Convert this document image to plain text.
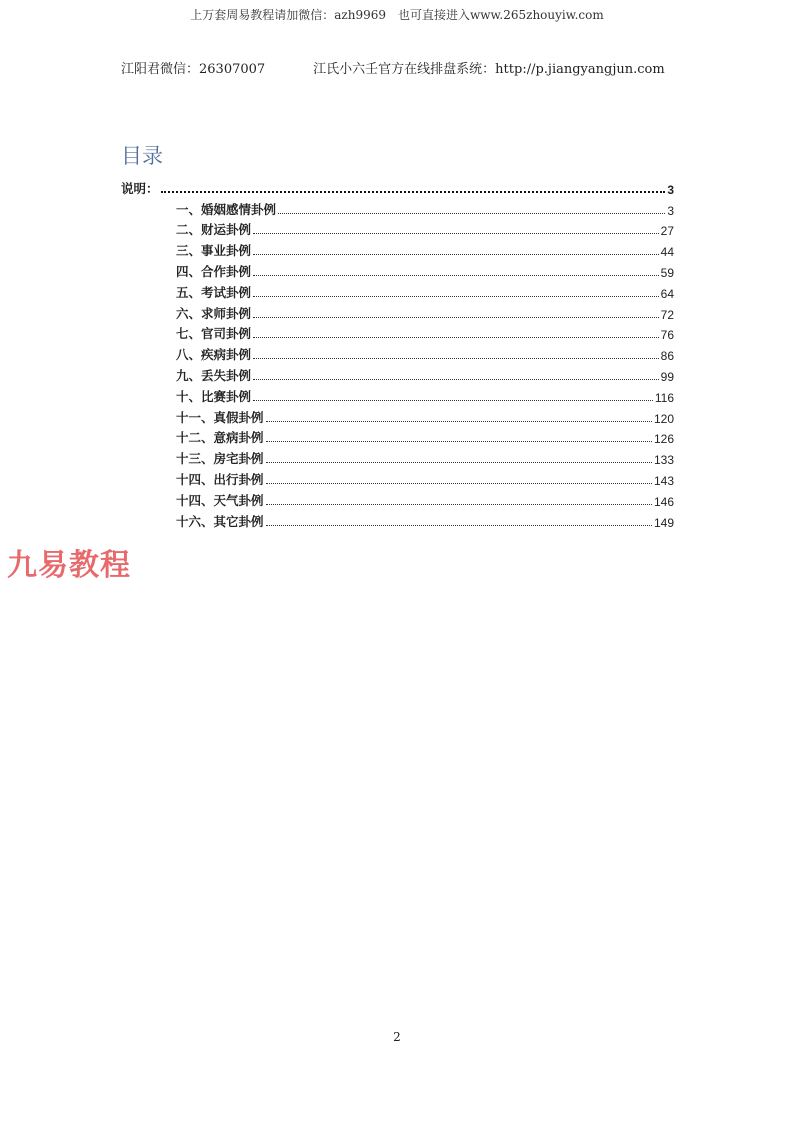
上万套周易教程请加微信：azh9969　也可直接进入www.265zhouyiw.com
江阳君微信：26307007	江氏小六壬官方在线排盘系统：http://p.jiangyangjun.com
目录
说明：	3
一、婚姻感情卦例	3
二、财运卦例	27
三、事业卦例	44
四、合作卦例	59
五、考试卦例	64
六、求师卦例	72
七、官司卦例	76
八、疾病卦例	86
九、丢失卦例	99
十、比赛卦例	116
十一、真假卦例	120
十二、意病卦例	126
十三、房宅卦例	133
十四、出行卦例	143
十四、天气卦例	146
十六、其它卦例	149
九易教程
2
